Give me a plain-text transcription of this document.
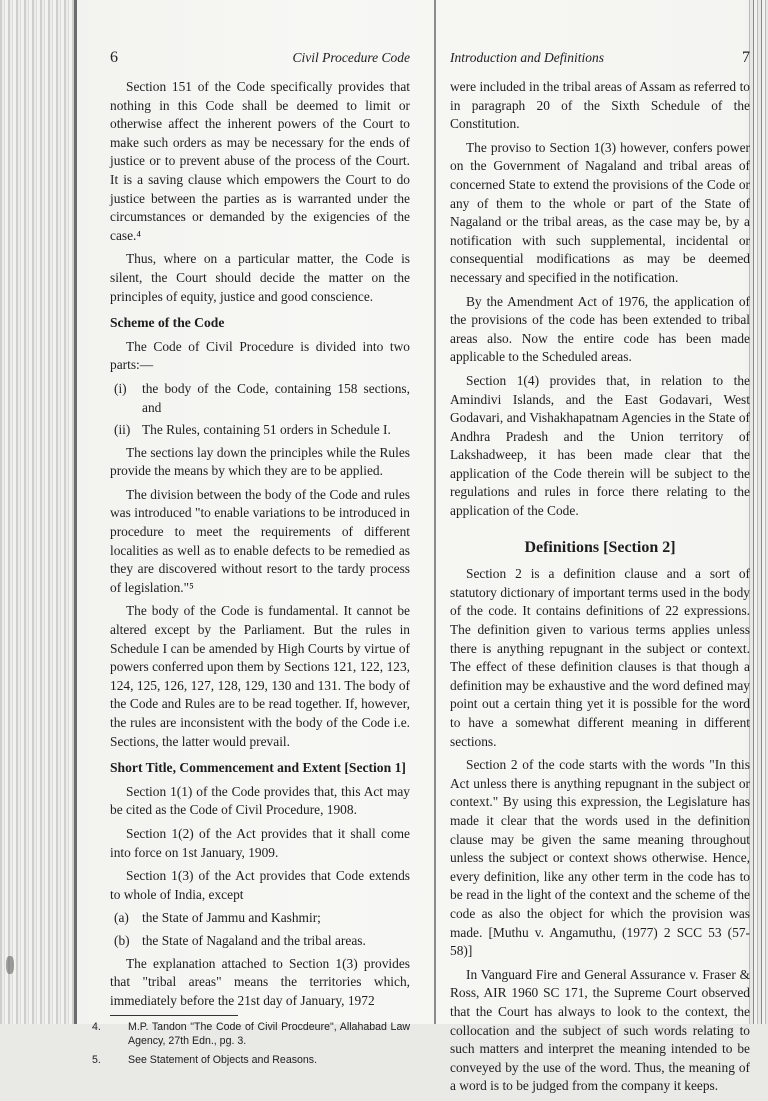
6	Civil Procedure Code

Section 151 of the Code specifically provides that nothing in this Code shall be deemed to limit or otherwise affect the inherent powers of the Court to make such orders as may be necessary for the ends of justice or to prevent abuse of the process of the Court. It is a saving clause which empowers the Court to do justice between the parties as is warranted under the circumstances or demanded by the exigencies of the case.⁴

Thus, where on a particular matter, the Code is silent, the Court should decide the matter on the principles of equity, justice and good conscience.

Scheme of the Code

The Code of Civil Procedure is divided into two parts:—

(i)	the body of the Code, containing 158 sections, and
(ii) The Rules, containing 51 orders in Schedule I.

The sections lay down the principles while the Rules provide the means by which they are to be applied.

The division between the body of the Code and rules was introduced "to enable variations to be introduced in procedure to meet the requirements of different localities as well as to enable defects to be remedied as they are discovered without resort to the tardy process of legislation."⁵

The body of the Code is fundamental. It cannot be altered except by the Parliament. But the rules in Schedule I can be amended by High Courts by virtue of powers conferred upon them by Sections 121, 122, 123, 124, 125, 126, 127, 128, 129, 130 and 131. The body of the Code and Rules are to be read together. If, however, the rules are inconsistent with the body of the Code i.e. Sections, the latter would prevail.

Short Title, Commencement and Extent [Section 1]

Section 1(1) of the Code provides that, this Act may be cited as the Code of Civil Procedure, 1908.

Section 1(2) of the Act provides that it shall come into force on 1st January, 1909.

Section 1(3) of the Act provides that Code extends to whole of India, except

(a) the State of Jammu and Kashmir;
(b) the State of Nagaland and the tribal areas.

The explanation attached to Section 1(3) provides that "tribal areas" means the territories which, immediately before the 21st day of January, 1972

4.	M.P. Tandon "The Code of Civil Procdeure", Allahabad Law Agency, 27th Edn., pg. 3.

5.	See Statement of Objects and Reasons.

Introduction and Definitions	7

were included in the tribal areas of Assam as referred to in paragraph 20 of the Sixth Schedule of the Constitution.

The proviso to Section 1(3) however, confers power on the Government of Nagaland and tribal areas of concerned State to extend the provisions of the Code or any of them to the whole or part of the State of Nagaland or the tribal areas, as the case may be, by a notification with such supplemental, incidental or consequential modifications as may be deemed necessary and specified in the notification.

By the Amendment Act of 1976, the application of the provisions of the code has been extended to tribal areas also. Now the entire code has been made applicable to the Scheduled areas.

Section 1(4) provides that, in relation to the Amindivi Islands, and the East Godavari, West Godavari, and Vishakhapatnam Agencies in the State of Andhra Pradesh and the Union territory of Lakshadweep, it has been made clear that the application of the Code therein will be subject to the regulations and rules in force there relating to the application of the Code.

Definitions [Section 2]

Section 2 is a definition clause and a sort of statutory dictionary of important terms used in the body of the code. It contains definitions of 22 expressions. The definition given to various terms applies unless there is anything repugnant in the subject or context. The effect of these definition clauses is that though a definition may be exhaustive and the word defined may point out a certain thing yet it is possible for the word to have a somewhat different meaning in different sections.

Section 2 of the code starts with the words "In this Act unless there is anything repugnant in the subject or context." By using this expression, the Legislature has made it clear that the words used in the definition clause may be given the same meaning throughout unless the subject or context shows otherwise. Hence, every definition, like any other term in the code has to be read in the light of the context and the scheme of the code as also the object for which the provision was made. [Muthu v. Angamuthu, (1977) 2 SCC 53 (57-58)]

In Vanguard Fire and General Assurance v. Fraser & Ross, AIR 1960 SC 171, the Supreme Court observed that the Court has always to look to the context, the collocation and the subject of such words relating to such matters and interpret the meaning intended to be conveyed by the use of the word. Thus, the meaning of a word is to be judged from the company it keeps.
